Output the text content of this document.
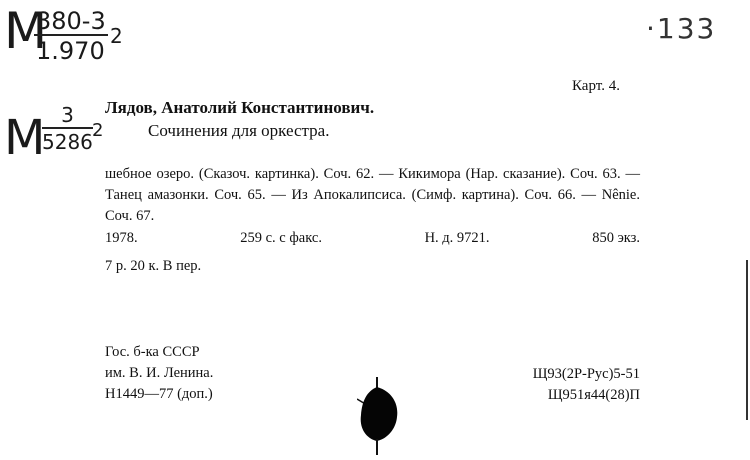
М
$\frac{380-3}{1.970} 2$	·133
М
$\frac{3}{5286} 2$
Карт. 4.
Лядов, Анатолий Константинович.
Сочинения для оркестра.
шебное озеро. (Сказоч. картинка). Соч. 62. — Кикимора (Нар. сказание). Соч. 63. — Танец амазонки. Соч. 65. — Из Апокалипсиса. (Симф. картина). Соч. 66. — Nênie. Соч. 67.
1978.	259 с. с факс.	Н. д. 9721.	850 экз.
7 р. 20 к. В пер.
Гос. б-ка СССР
им. В. И. Ленина.
Н1449—77 (доп.)
Щ93(2Р-Рус)5-51
Щ951я44(28)П
